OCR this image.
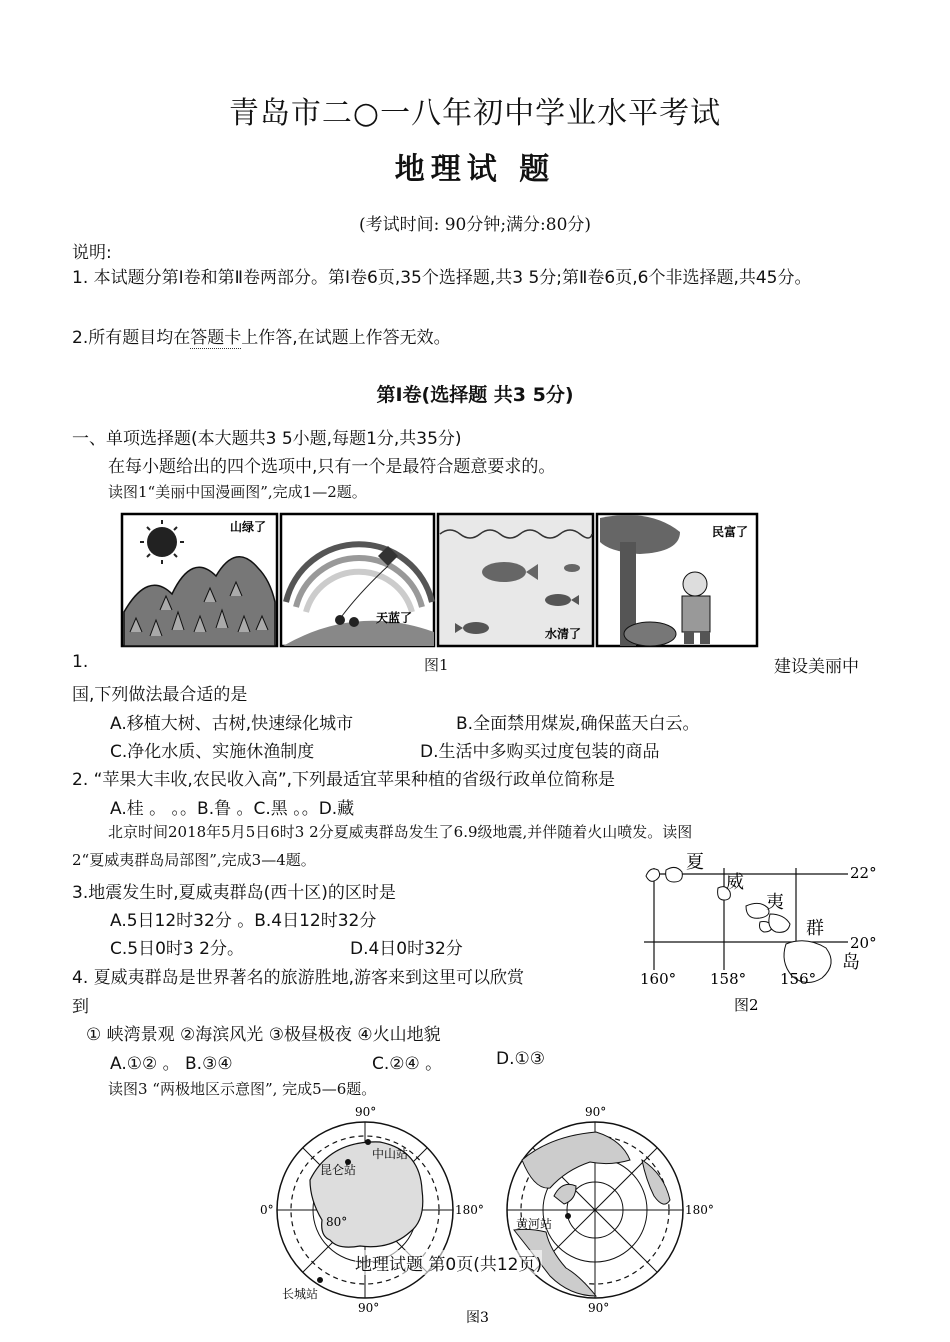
青岛市二○一八年初中学业水平考试
地理试 题
(考试时间: 90分钟;满分:80分)
说明:
1. 本试题分第Ⅰ卷和第Ⅱ卷两部分。第Ⅰ卷6页,35个选择题,共3 5分;第Ⅱ卷6页,6个非选择题,共45分。
2.所有题目均在答题卡上作答,在试题上作答无效。
第Ⅰ卷(选择题 共3 5分)
一、单项选择题(本大题共3 5小题,每题1分,共35分)
在每小题给出的四个选项中,只有一个是最符合题意要求的。
读图1“美丽中国漫画图”,完成1—2题。
山绿了
天蓝了
水清了
民富了
1.	图1	建设美丽中
国,下列做法最合适的是
A.移植大树、古树,快速绿化城市	B.全面禁用煤炭,确保蓝天白云。
C.净化水质、实施休渔制度	D.生活中多购买过度包装的商品
2. “苹果大丰收,农民收入高”,下列最适宜苹果种植的省级行政单位简称是
A.桂 。 。。B.鲁 。C.黑 。。D.藏
北京时间2018年5月5日6时3 2分夏威夷群岛发生了6.9级地震,并伴随着火山喷发。读图
2“夏威夷群岛局部图”,完成3—4题。	夏
威
夷
群
岛
22°
20°
160° 158° 156°
图2
3.地震发生时,夏威夷群岛(西十区)的区时是
A.5日12时32分 。B.4日12时32分
C.5日0时3 2分。	D.4日0时32分
4. 夏威夷群岛是世界著名的旅游胜地,游客来到这里可以欣赏
到
① 峡湾景观 ②海滨风光 ③极昼极夜 ④火山地貌
A.①② 。 B.③④	C.②④ 。	D.①③
读图3 “两极地区示意图”, 完成5—6题。
90°
0°	180°
90°
80°
中山站
昆仑站
长城站
90°
180°
90°
黄河站
图3
地理试题 第0页(共12页)
